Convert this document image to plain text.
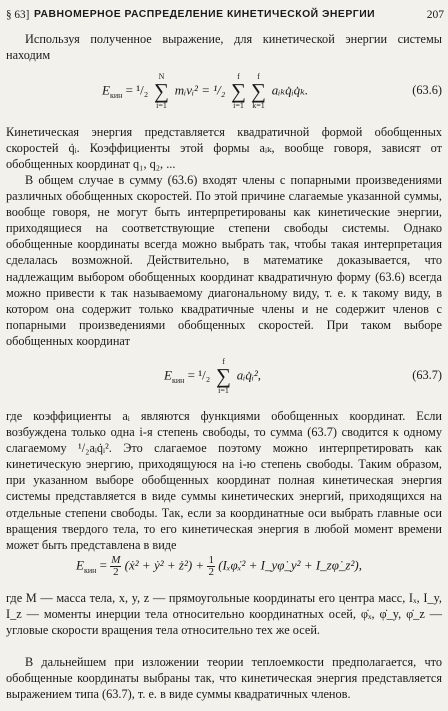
§ 63] РАВНОМЕРНОЕ РАСПРЕДЕЛЕНИЕ КИНЕТИЧЕСКОЙ ЭНЕРГИИ	207

Используя полученное выражение, для кинетической энергии системы находим

$E_{кин} = ^1/_2$
N
∑
i=1
mᵢvᵢ² = ¹/₂
f
∑
i=1
f
∑
k=1
aᵢₖq̇ᵢq̇ₖ.	(63.6)

Кинетическая энергия представляется квадратичной формой обобщенных скоростей q̇ᵢ. Коэффициенты этой формы aᵢₖ, вообще говоря, зависят от обобщенных координат q₁, q₂, ...

В общем случае в сумму (63.6) входят члены с попарными произведениями различных обобщенных скоростей. По этой причине слагаемые указанной суммы, вообще говоря, не могут быть интерпретированы как кинетические энергии, приходящиеся на соответствующие степени свободы системы. Однако обобщенные координаты всегда можно выбрать так, чтобы такая интерпретация сделалась возможной. Действительно, в математике доказывается, что надлежащим выбором обобщенных координат квадратичную форму (63.6) всегда можно привести к так называемому диагональному виду, т. е. к такому виду, в котором она содержит только квадратичные члены и не содержит членов с попарными произведениями обобщенных скоростей. При таком выборе обобщенных координат

$E_{кин} = ^1/_2$
f
∑
i=1
aᵢq̇ᵢ²,	(63.7)

где коэффициенты aᵢ являются функциями обобщенных координат. Если возбуждена только одна i-я степень свободы, то сумма (63.7) сводится к одному слагаемому ¹/₂aᵢq̇ᵢ². Это слагаемое поэтому можно интерпретировать как кинетическую энергию, приходящуюся на i-ю степень свободы. Таким образом, при указанном выборе обобщенных координат полная кинетическая энергия системы представляется в виде суммы кинетических энергий, приходящихся на отдельные степени свободы. Так, если за координатные оси выбрать главные оси вращения твердого тела, то его кинетическая энергия в любой момент времени может быть представлена в виде

$E_{кин} = \frac{M}{2}$ (ẋ² + ẏ² + ż²) + $\frac{1}{2}$ (Iₓφ̇ₓ² + I_yφ̇_y² + I_zφ̇_z²),

где M — масса тела, x, y, z — прямоугольные координаты его центра масс, Iₓ, I_y, I_z — моменты инерции тела относительно координатных осей, φ̇ₓ, φ̇_y, φ̇_z — угловые скорости вращения тела относительно тех же осей.

В дальнейшем при изложении теории теплоемкости предполагается, что обобщенные координаты выбраны так, что кинетическая энергия представляется выражением типа (63.7), т. е. в виде суммы квадратичных членов.
